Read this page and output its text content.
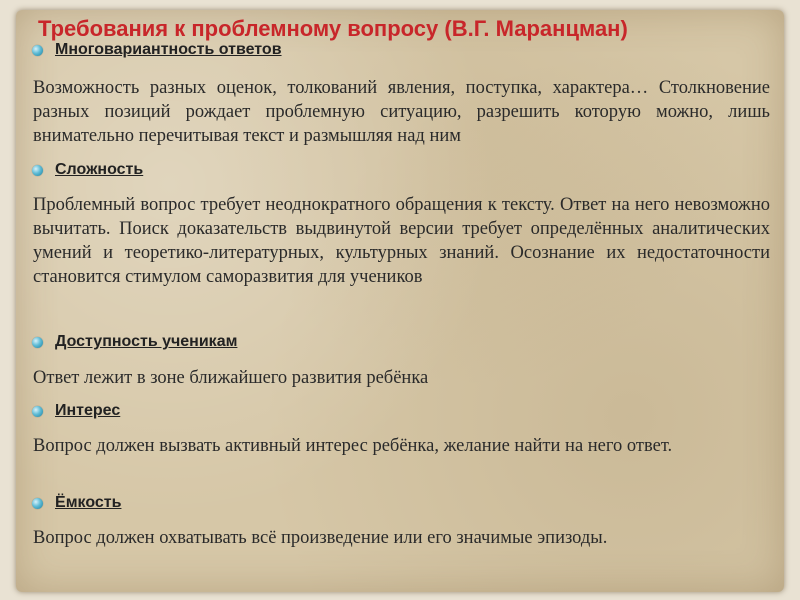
Требования к проблемному вопросу (В.Г. Маранцман)
Многовариантность ответов

Возможность разных оценок, толкований явления, поступка, характера… Столкновение разных позиций рождает проблемную ситуацию, разрешить которую можно, лишь внимательно перечитывая текст и размышляя над ним

Сложность

Проблемный вопрос требует неоднократного обращения к тексту. Ответ на него невозможно вычитать. Поиск доказательств выдвинутой версии требует определённых аналитических умений и теоретико-литературных, культурных знаний. Осознание их недостаточности становится стимулом саморазвития для учеников

Доступность ученикам

Ответ лежит в зоне ближайшего развития ребёнка

Интерес

Вопрос должен вызвать активный интерес ребёнка, желание найти на него ответ.

Ёмкость

Вопрос должен охватывать всё произведение или его значимые эпизоды.
